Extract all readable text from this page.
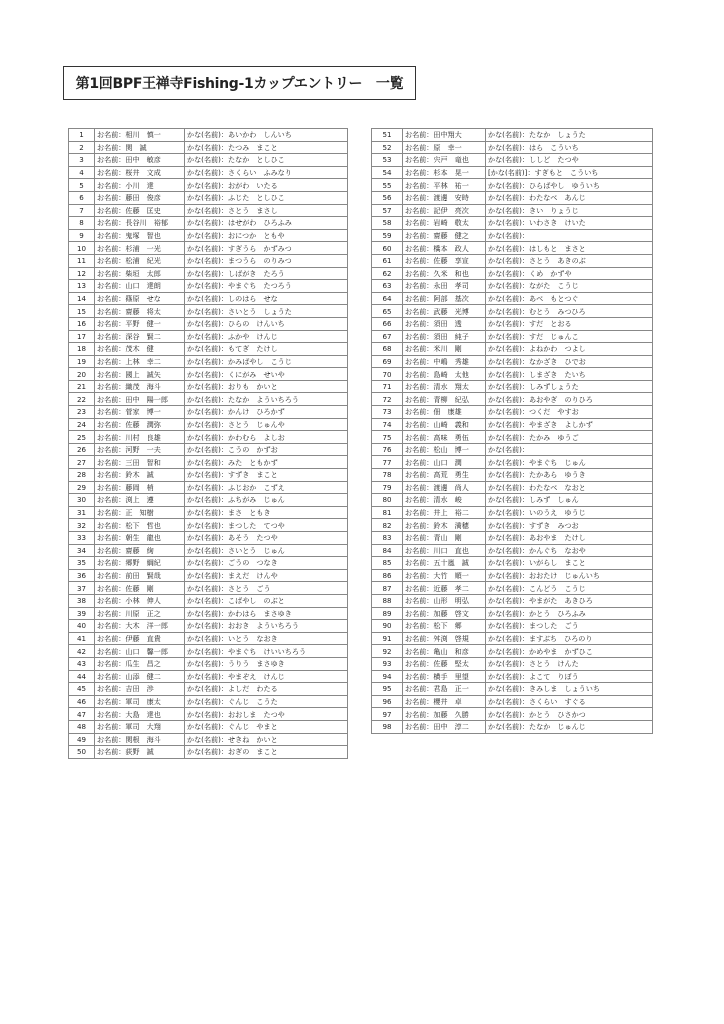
第1回BPF王禅寺Fishing-1カップエントリー　一覧
1	お名前：相川　慎一	かな(名前)：あいかわ　しんいち
2	お名前：関　誠	かな(名前)：たつみ　まこと
3	お名前：田中　敏彦	かな(名前)：たなか　としひこ
4	お名前：桜井　文成	かな(名前)：さくらい　ふみなり
5	お名前：小川　達	かな(名前)：おがわ　いたる
6	お名前：藤田　俊彦	かな(名前)：ふじた　としひこ
7	お名前：佐藤　匡史	かな(名前)：さとう　まさし
8	お名前：長谷川　裕郁	かな(名前)：はせがわ　ひろふみ
9	お名前：鬼塚　智也	かな(名前)：おにつか　ともや
10	お名前：杉浦　一光	かな(名前)：すぎうら　かずみつ
11	お名前：松浦　紀光	かな(名前)：まつうら　のりみつ
12	お名前：柴垣　太郎	かな(名前)：しばがき　たろう
13	お名前：山口　達朗	かな(名前)：やまぐち　たつろう
14	お名前：篠原　せな	かな(名前)：しのはら　せな
15	お名前：齋藤　将太	かな(名前)：さいとう　しょうた
16	お名前：平野　健一	かな(名前)：ひらの　けんいち
17	お名前：深谷　賢二	かな(名前)：ふかや　けんじ
18	お名前：茂木　健	かな(名前)：もてぎ　たけし
19	お名前：上林　幸二	かな(名前)：かみばやし　こうじ
20	お名前：國上　誠矢	かな(名前)：くにがみ　せいや
21	お名前：織茂　海斗	かな(名前)：おりも　かいと
22	お名前：田中　陽一郎	かな(名前)：たなか　よういちろう
23	お名前：菅家　博一	かな(名前)：かんけ　ひろかず
24	お名前：佐藤　潤弥	かな(名前)：さとう　じゅんや
25	お名前：川村　良雄	かな(名前)：かわむら　よしお
26	お名前：河野　一夫	かな(名前)：こうの　かずお
27	お名前：三田　智和	かな(名前)：みた　ともかず
28	お名前：鈴木　誠	かな(名前)：すずき　まこと
29	お名前：藤岡　梢	かな(名前)：ふじおか　こずえ
30	お名前：渕上　遵	かな(名前)：ふちがみ　じゅん
31	お名前：正　知樹	かな(名前)：まさ　ともき
32	お名前：松下　哲也	かな(名前)：まつした　てつや
33	お名前：朝生　龍也	かな(名前)：あそう　たつや
34	お名前：齋藤　絢	かな(名前)：さいとう　じゅん
35	お名前：郷野　綱紀	かな(名前)：ごうの　つなき
36	お名前：前田　賢哉	かな(名前)：まえだ　けんや
37	お名前：佐藤　剛	かな(名前)：さとう　ごう
38	お名前：小林　伸人	かな(名前)：こばやし　のぶと
39	お名前：川原　正之	かな(名前)：かわはら　まさゆき
40	お名前：大木　洋一郎	かな(名前)：おおき　よういちろう
41	お名前：伊藤　直貴	かな(名前)：いとう　なおき
42	お名前：山口　馨一郎	かな(名前)：やまぐち　けいいちろう
43	お名前：瓜生　昌之	かな(名前)：うりう　まさゆき
44	お名前：山添　健二	かな(名前)：やまぞえ　けんじ
45	お名前：吉田　渉	かな(名前)：よしだ　わたる
46	お名前：軍司　康太	かな(名前)：ぐんじ　こうた
47	お名前：大島　達也	かな(名前)：おおしま　たつや
48	お名前：軍司　大翔	かな(名前)：ぐんじ　やまと
49	お名前：関根　海斗	かな(名前)：せきね　かいと
50	お名前：荻野　誠	かな(名前)：おぎの　まこと
51	お名前：田中翔大	かな(名前)：たなか　しょうた
52	お名前：原　幸一	かな(名前)：はら　こういち
53	お名前：宍戸　竜也	かな(名前)：ししど　たつや
54	お名前：杉本　晃一	[かな(名前)]：すぎもと　こういち
55	お名前：平林　祐一	かな(名前)：ひらばやし　ゆういち
56	お名前：渡邊　安時	かな(名前)：わたなべ　あんじ
57	お名前：記伊　亮次	かな(名前)：きい　りょうじ
58	お名前：岩崎　敬太	かな(名前)：いわさき　けいた
59	お名前：齋藤　健之	かな(名前)：
60	お名前：橋本　政人	かな(名前)：はしもと　まさと
61	お名前：佐藤　享宣	かな(名前)：さとう　あきのぶ
62	お名前：久米　和也	かな(名前)：くめ　かずや
63	お名前：永田　孝司	かな(名前)：ながた　こうじ
64	お名前：阿部　基次	かな(名前)：あべ　もとつぐ
65	お名前：武藤　光博	かな(名前)：むとう　みつひろ
66	お名前：須田　透	かな(名前)：すだ　とおる
67	お名前：須田　純子	かな(名前)：すだ　じゅんこ
68	お名前：米川　剛	かな(名前)：よねかわ　つよし
69	お名前：中嶋　秀雄	かな(名前)：なかざき　ひでお
70	お名前：島崎　太他	かな(名前)：しまざき　たいち
71	お名前：清水　翔太	かな(名前)：しみずしょうた
72	お名前：青柳　紀弘	かな(名前)：あおやぎ　のりひろ
73	お名前：佃　康雄	かな(名前)：つくだ　やすお
74	お名前：山崎　義和	かな(名前)：やまざき　よしかず
75	お名前：高味　勇伍	かな(名前)：たかみ　ゆうご
76	お名前：松山　博一	かな(名前)：
77	お名前：山口　潤	かな(名前)：やまぐち　じゅん
78	お名前：高荒　勇生	かな(名前)：たかあら　ゆうき
79	お名前：渡邊　尚人	かな(名前)：わたなべ　なおと
80	お名前：清水　峻	かな(名前)：しみず　しゅん
81	お名前：井上　裕二	かな(名前)：いのうえ　ゆうじ
82	お名前：鈴木　満穂	かな(名前)：すずき　みつお
83	お名前：青山　剛	かな(名前)：あおやま　たけし
84	お名前：川口　直也	かな(名前)：かんぐち　なおや
85	お名前：五十嵐　誠	かな(名前)：いがらし　まこと
86	お名前：大竹　順一	かな(名前)：おおたけ　じゅんいち
87	お名前：近藤　孝二	かな(名前)：こんどう　こうじ
88	お名前：山形　明弘	かな(名前)：やまがた　あきひろ
89	お名前：加藤　啓文	かな(名前)：かとう　ひろふみ
90	お名前：松下　郷	かな(名前)：まつした　ごう
91	お名前：舛渕　啓規	かな(名前)：ますぶち　ひろのり
92	お名前：亀山　和彦	かな(名前)：かめやま　かずひこ
93	お名前：佐藤　堅太	かな(名前)：さとう　けんた
94	お名前：横手　里望	かな(名前)：よこて　りぼう
95	お名前：君島　正一	かな(名前)：きみしま　しょういち
96	お名前：櫻井　卓	かな(名前)：さくらい　すぐる
97	お名前：加藤　久勝	かな(名前)：かとう　ひさかつ
98	お名前：田中　淳二	かな(名前)：たなか　じゅんじ
